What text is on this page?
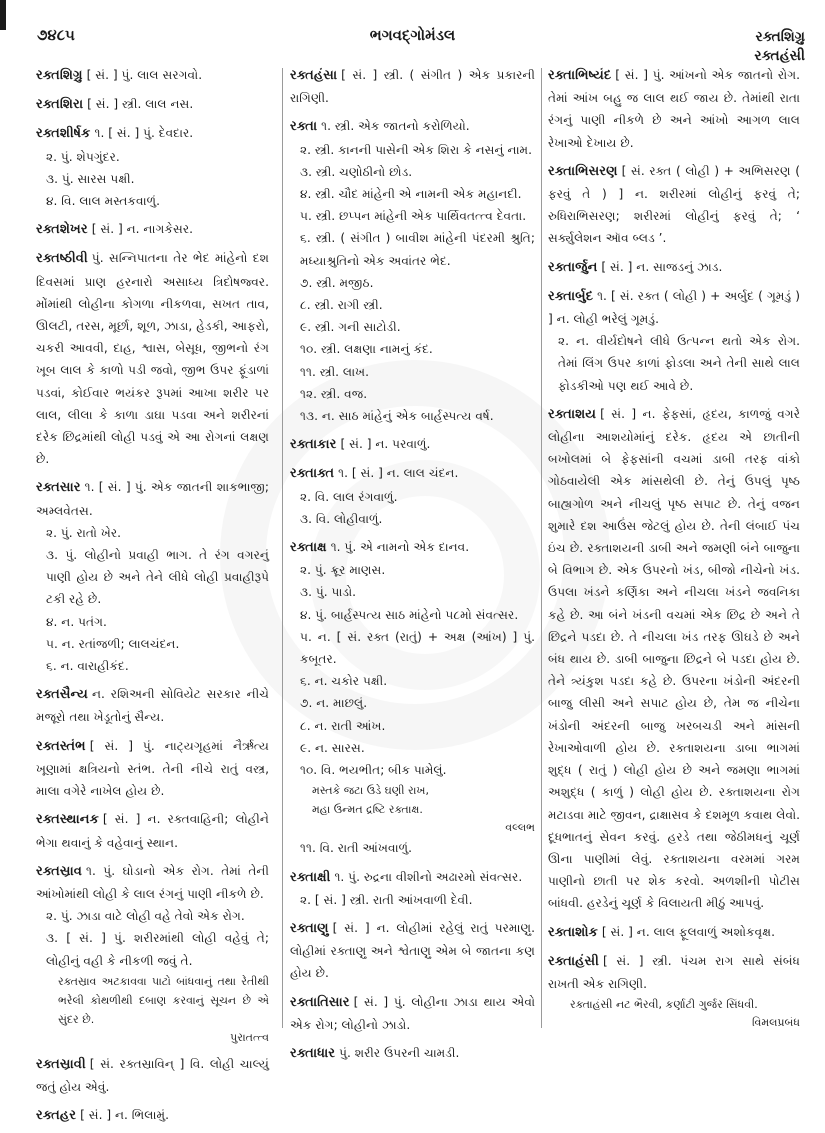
૭૪૮૫	ભગવદ્ગોમંડલ	રક્તશિગ્રુ
રક્તહંસી
રક્તશિગ્રુ [ સં. ] પું. લાલ સરગવો.
રક્તશિરા [ સં. ] સ્ત્રી. લાલ નસ.
રક્તશીર્ષક ૧. [ સં. ] પું. દેવદાર.
૨. પું. શેપગુંદર.
૩. પું. સારસ પક્ષી.
૪. વિ. લાલ મસ્તકવાળું.
રક્તશેખર [ સં. ] ન. નાગકેસર.
રક્તષ્ઠીવી પું. સન્નિપાતના તેર ભેદ માંહેનો દશ દિવસમાં પ્રાણ હરનારો અસાધ્ય ત્રિદોષજ્વર. મોંમાંથી લોહીના કોગળા નીકળવા, સખત તાવ, ઊલટી, તરસ, મૂર્છા, શૂળ, ઝાડા, હેડકી, આફરો, ચકરી આવવી, દાહ, શ્વાસ, બેસૂધ, જીભનો રંગ ખૂબ લાલ કે કાળો પડી જવો, જીભ ઉપર ફૂંડાળાં પડવાં, કોઈવાર ભયંકર રૂપમાં આખા શરીર પર લાલ, લીલા કે કાળા ડાઘા પડવા અને શરીરનાં દરેક છિદ્રમાંથી લોહી પડવું એ આ રોગનાં લક્ષણ છે.
રક્તસાર ૧. [ સં. ] પું. એક જાતની શાકભાજી; અમ્લવેતસ.
૨. પું. રાતો ખેર.
૩. પું. લોહીનો પ્રવાહી ભાગ. તે રંગ વગરનું પાણી હોય છે અને તેને લીધે લોહી પ્રવાહીરૂપે ટકી રહે છે.
૪. ન. પતંગ.
૫. ન. રતાંજળી; લાલચંદન.
૬. ન. વારાહીકંદ.
રક્તસૈન્ય ન. રશિઅની સોવિયેટ સરકાર નીચે મજૂરો તથા ખેડૂતોનું સૈન્ય.
રક્તસ્તંભ [ સં. ] પું. નાટ્યગૃહમાં નૈર્ઋત્ય ખૂણામાં ક્ષત્રિયનો સ્તંભ. તેની નીચે રાતું વસ્ત્ર, માલા વગેરે નાખેલ હોય છે.
રક્તસ્થાનક [ સં. ] ન. રક્તવાહિની; લોહીને ભેગા થવાનું કે વહેવાનું સ્થાન.
રક્તસ્રાવ ૧. પું. ઘોડાનો એક રોગ. તેમાં તેની આંખોમાંથી લોહી કે લાલ રંગનું પાણી નીકળે છે.
૨. પું. ઝાડા વાટે લોહી વહે તેવો એક રોગ.
૩. [ સં. ] પું. શરીરમાંથી લોહી વહેવું તે; લોહીનું વહી કે નીકળી જવું તે.
રક્તસ્રાવ અટકાવવા પાટો બાંધવાનું તથા રેતીથી ભરેલી કોથળીથી દબાણ કરવાનું સૂચન છે એ સુંદર છે.
પુરાતત્ત્વ
રક્તસ્રાવી [ સં. રક્તસ્રાવિન્ ] વિ. લોહી ચાલ્યું જતું હોય એવું.
રક્તહર [ સં. ] ન. ભિલામું.
રક્તહંસા [ સં. ] સ્ત્રી. ( સંગીત ) એક પ્રકારની રાગિણી.
રક્તા ૧. સ્ત્રી. એક જાતનો કરોળિયો.
૨. સ્ત્રી. કાનની પાસેની એક શિરા કે નસનું નામ.
૩. સ્ત્રી. ચણોઠીનો છોડ.
૪. સ્ત્રી. ચૌદ માંહેની એ નામની એક મહાનદી.
૫. સ્ત્રી. છપ્પન માંહેની એક પાર્થિવતત્ત્વ દેવતા.
૬. સ્ત્રી. ( સંગીત ) બાવીશ માંહેની પંદરમી શ્રુતિ; મધ્યાશ્રુતિનો એક અવાંતર ભેદ.
૭. સ્ત્રી. મજીઠ.
૮. સ્ત્રી. રાગી સ્ત્રી.
૯. સ્ત્રી. ગની સાટોડી.
૧૦. સ્ત્રી. લક્ષણા નામનું કંદ.
૧૧. સ્ત્રી. લાખ.
૧૨. સ્ત્રી. વજ.
૧૩. ન. સાઠ માંહેનું એક બાર્હસ્પત્ય વર્ષ.
રક્તાકાર [ સં. ] ન. પરવાળું.
રક્તાક્ત ૧. [ સં. ] ન. લાલ ચંદન.
૨. વિ. લાલ રંગવાળું.
૩. વિ. લોહીવાળું.
રક્તાક્ષ ૧. પું. એ નામનો એક દાનવ.
૨. પું. ક્રૂર માણસ.
૩. પું. પાડો.
૪. પું. બાર્હસ્પત્ય સાઠ માંહેનો ૫૮મો સંવત્સર.
૫. ન. [ સં. રક્ત (રાતું) + અક્ષ (આંખ) ] પું. કબૂતર.
૬. ન. ચકોર પક્ષી.
૭. ન. માછલું.
૮. ન. રાતી આંખ.
૯. ન. સારસ.
૧૦. વિ. ભયભીત; બીક પામેલું.
મસ્તકે જટા ઉડે ઘણી રાખ,
મહા ઉન્મત દ્રષ્ટિ રક્તાક્ષ.
વલ્લભ
૧૧. વિ. રાતી આંખવાળું.
રક્તાક્ષી ૧. પું. રુદ્રના વીશીનો અઢારમો સંવત્સર.
૨. [ સં. ] સ્ત્રી. રાતી આંખવાળી દેવી.
રક્તાણુ [ સં. ] ન. લોહીમાં રહેલું રાતું પરમાણુ. લોહીમાં રક્તાણુ અને શ્વેતાણુ એમ બે જાતના કણ હોય છે.
રક્તાતિસાર [ સં. ] પું. લોહીના ઝાડા થાય એવો એક રોગ; લોહીનો ઝાડો.
રક્તાધાર પું. શરીર ઉપરની ચામડી.
રક્તાભિષ્યંદ [ સં. ] પું. આંખનો એક જાતનો રોગ. તેમાં આંખ બહુ જ લાલ થઈ જાય છે. તેમાંથી રાતા રંગનું પાણી નીકળે છે અને આંખો આગળ લાલ રેખાઓ દેખાય છે.
રક્તાભિસરણ [ સં. રક્ત ( લોહી ) + અભિસરણ ( ફરવું તે ) ] ન. શરીરમાં લોહીનું ફરવું તે; રુધિરાભિસરણ; શરીરમાં લોહીનું ફરવું તે; ‘ સર્ક્યુલેશન ઑવ બ્લડ ’.
રક્તાર્જુન [ સં. ] ન. સાજડનું ઝાડ.
રક્તાર્બુદ ૧. [ સં. રક્ત ( લોહી ) + અર્બુદ ( ગૂમડું ) ] ન. લોહી ભરેલું ગૂમડું.
૨. ન. વીર્યદોષને લીધે ઉત્પન્ન થતો એક રોગ. તેમાં લિંગ ઉપર કાળાં ફોડલા અને તેની સાથે લાલ ફોડકીઓ પણ થઈ આવે છે.
રક્તાશય [ સં. ] ન. ફેફસાં, હૃદય, કાળજું વગરે લોહીના આશયોમાંનું દરેક. હૃદય એ છાતીની બખોલમાં બે ફેફસાંની વચમાં ડાબી તરફ વાંકો ગોઠવાયેલી એક માંસથેલી છે. તેનું ઉપલું પૃષ્ઠ બાહ્યગોળ અને નીચલું પૃષ્ઠ સપાટ છે. તેનું વજન શુમારે દશ આઉંસ જેટલું હોય છે. તેની લંબાઈ પંચ ઇંચ છે. રક્તાશયની ડાબી અને જમણી બંને બાજુના બે વિભાગ છે. એક ઉપરનો ખંડ, બીજો નીચેનો ખંડ. ઉપલા ખંડને કર્ણિકા અને નીચલા ખંડને જવનિકા કહે છે. આ બંને ખંડની વચમાં એક છિદ્ર છે અને તે છિદ્રને પડદા છે. તે નીચલા ખંડ તરફ ઊઘડે છે અને બંધ થાય છે. ડાબી બાજુના છિદ્રને બે પડદા હોય છે. તેને ત્ર્યંકુશ પડદા કહે છે. ઉપરના ખંડોની અંદરની બાજુ લીસી અને સપાટ હોય છે, તેમ જ નીચેના ખંડોની અંદરની બાજુ ખરબચડી અને માંસની રેખાઓવાળી હોય છે. રક્તાશયના ડાબા ભાગમાં શુદ્ધ ( રાતું ) લોહી હોય છે અને જમણા ભાગમાં અશુદ્ધ ( કાળું ) લોહી હોય છે. રક્તાશયના રોગ મટાડવા માટે જીવન, દ્રાક્ષાસવ કે દશમૂળ કવાથ લેવો. દૂધભાતનું સેવન કરવું. હરડે તથા જેઠીમધનું ચૂર્ણ ઊના પાણીમાં લેવું. રક્તાશયના વરમમાં ગરમ પાણીનો છાતી પર શેક કરવો. અળશીની પોટીસ બાંધવી. હરડેનું ચૂર્ણ કે વિલાયતી મીઠું આપવું.
રક્તાશોક [ સં. ] ન. લાલ ફૂલવાળું અશોકવૃક્ષ.
રક્તાહંસી [ સં. ] સ્ત્રી. પંચમ રાગ સાથે સંબંધ રાખતી એક રાગિણી.
રક્તાહંસી નટ ભૈરવી, કર્ણાટી ગુર્જર સિંધવી.
વિમલપ્રબંધ
